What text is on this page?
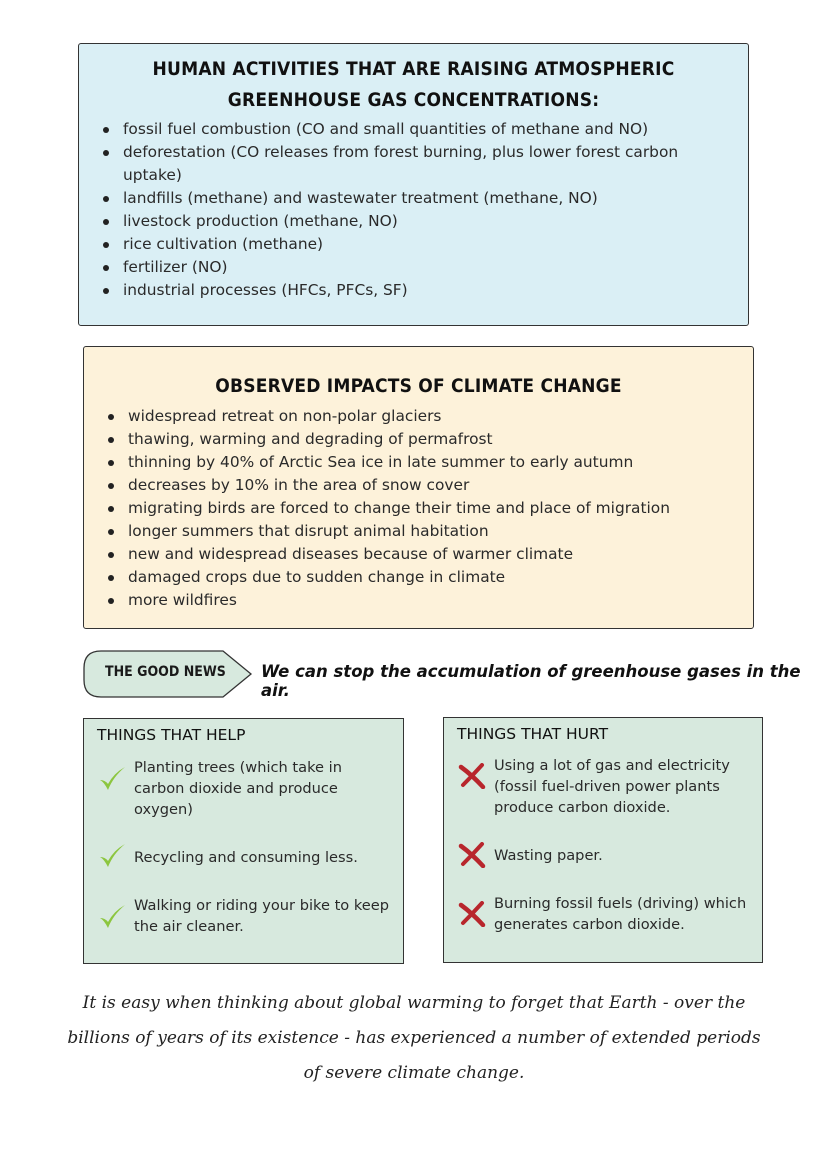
HUMAN ACTIVITIES THAT ARE RAISING ATMOSPHERIC GREENHOUSE GAS CONCENTRATIONS:
fossil fuel combustion (CO and small quantities of methane and NO)
deforestation (CO releases from forest burning, plus lower forest carbon uptake)
landfills (methane) and wastewater treatment (methane, NO)
livestock production (methane, NO)
rice cultivation (methane)
fertilizer (NO)
industrial processes (HFCs, PFCs, SF)
OBSERVED IMPACTS OF CLIMATE CHANGE
widespread retreat on non-polar glaciers
thawing, warming and degrading of permafrost
thinning by 40% of Arctic Sea ice in late summer to early autumn
decreases by 10% in the area of snow cover
migrating birds are forced to change their time and place of migration
longer summers that disrupt animal habitation
new and widespread diseases because of warmer climate
damaged crops due to sudden change in climate
more wildfires
THE GOOD NEWS We can stop the accumulation of greenhouse gases in the air.
THINGS THAT HELP
Planting trees (which take in carbon dioxide and produce oxygen)
Recycling and consuming less.
Walking or riding your bike to keep the air cleaner.
THINGS THAT HURT
Using a lot of gas and electricity (fossil fuel-driven power plants produce carbon dioxide.
Wasting paper.
Burning fossil fuels (driving) which generates carbon dioxide.
It is easy when thinking about global warming to forget that Earth - over the billions of years of its existence - has experienced a number of extended periods of severe climate change.
